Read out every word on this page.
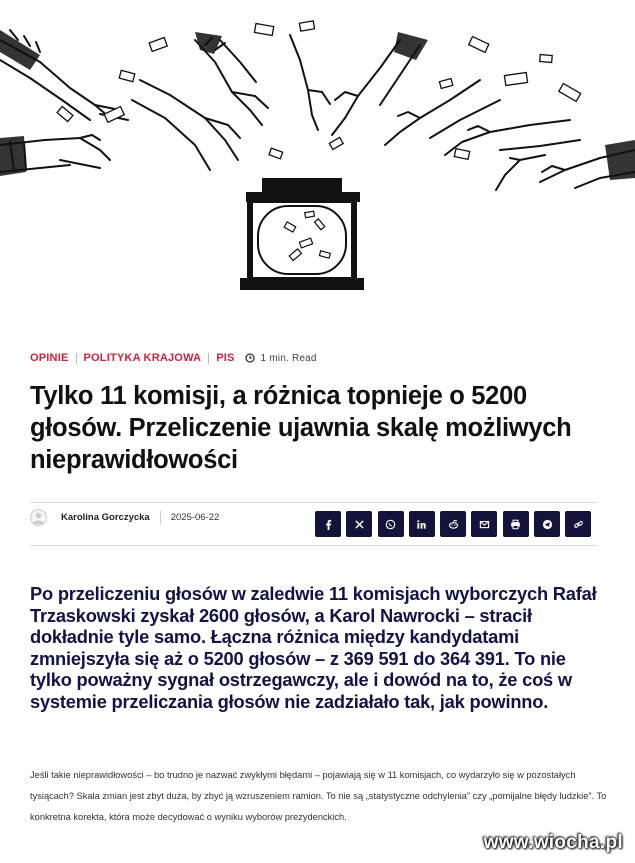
OPINIE POLITYKA KRAJOWA PIS	1 min. Read
Tylko 11 komisji, a różnica topnieje o 5200 głosów. Przeliczenie ujawnia skalę możliwych nieprawidłowości
Karolina Gorczycka 2025-06-22

Po przeliczeniu głosów w zaledwie 11 komisjach wyborczych Rafał Trzaskowski zyskał 2600 głosów, a Karol Nawrocki – stracił dokładnie tyle samo. Łączna różnica między kandydatami zmniejszyła się aż o 5200 głosów – z 369 591 do 364 391. To nie tylko poważny sygnał ostrzegawczy, ale i dowód na to, że coś w systemie przeliczania głosów nie zadziałało tak, jak powinno.

Jeśli takie nieprawidłowości – bo trudno je nazwać zwykłymi błędami – pojawiają się w 11 komisjach, co wydarzyło się w pozostałych tysiącach? Skala zmian jest zbyt duża, by zbyć ją wzruszeniem ramion. To nie są „statystyczne odchylenia” czy „pomijalne błędy ludzkie”. To konkretna korekta, która może decydować o wyniku wyborów prezydenckich.

www.wiocha.pl
